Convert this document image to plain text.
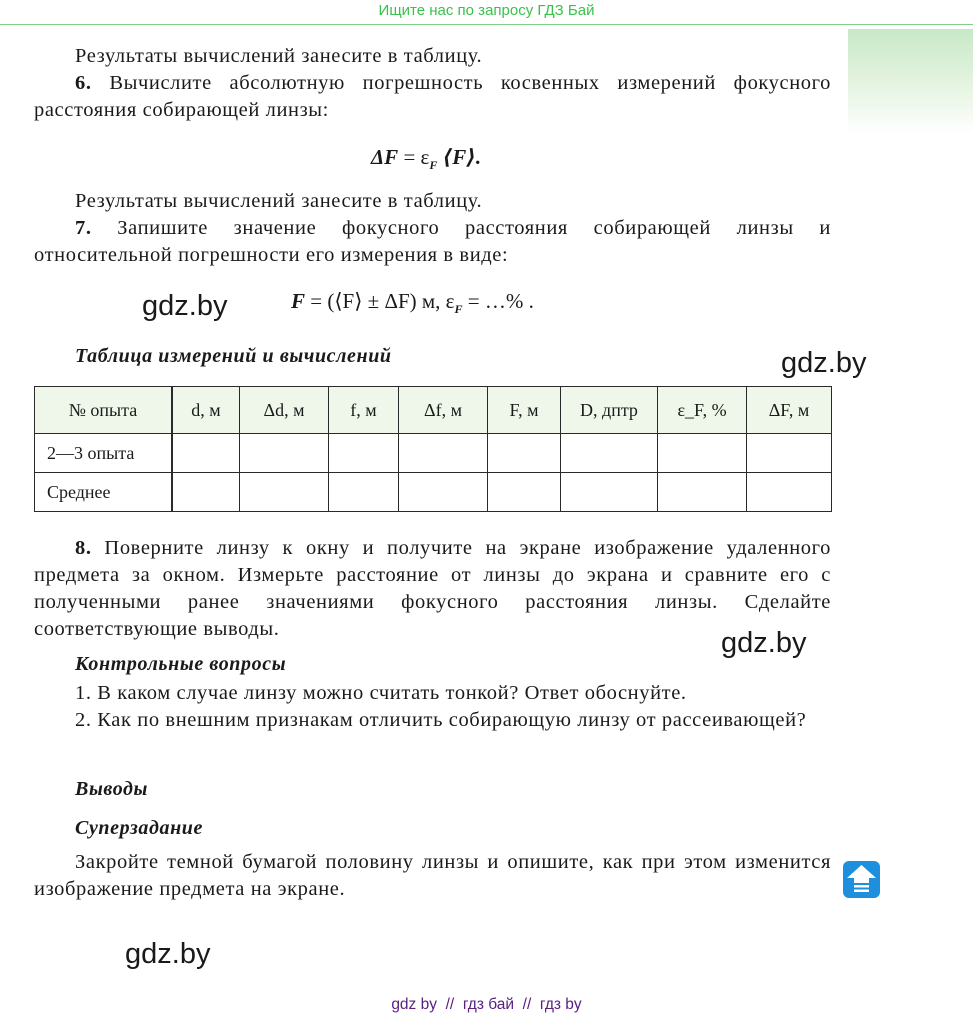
Ищите нас по запросу ГДЗ Бай
Результаты вычислений занесите в таблицу.
6. Вычислите абсолютную погрешность косвенных измерений фокусного расстояния собирающей линзы:
$\Delta F = \varepsilon_F$ ⟨F⟩.
Результаты вычислений занесите в таблицу.
7. Запишите значение фокусного расстояния собирающей линзы и относительной погрешности его измерения в виде:
gdz.by	F = (⟨F⟩ ± ΔF) м, $\varepsilon_F$ = …% .
Таблица измерений и вычислений	gdz.by
№ опыта	d, м	Δd, м	f, м	Δf, м	F, м	D, дптр	ε_F, %	ΔF, м
2—3 опыта								
Среднее								
8. Поверните линзу к окну и получите на экране изображение удаленного предмета за окном. Измерьте расстояние от линзы до экрана и сравните его с полученными ранее значениями фокусного расстояния линзы. Сделайте соответствующие выводы.	gdz.by
Контрольные вопросы
1. В каком случае линзу можно считать тонкой? Ответ обоснуйте.
2. Как по внешним признакам отличить собирающую линзу от рассеивающей?
Выводы
Суперзадание
Закройте темной бумагой половину линзы и опишите, как при этом изменится изображение предмета на экране.
gdz.by
gdz by  //  гдз бай  //  гдз by
